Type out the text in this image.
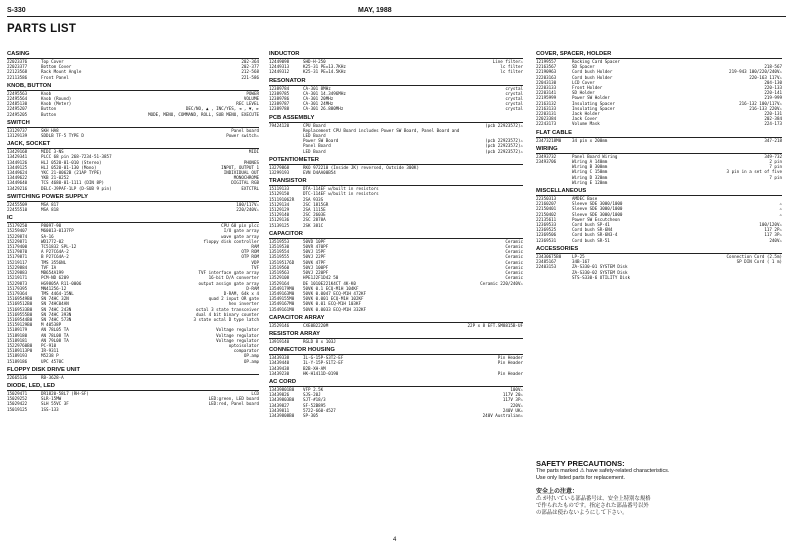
S-330	MAY, 1988
PARTS LIST
CASING
22023376	Top Cover	202-364
22023377	Bottom Cover	202-377
22123568	Rack Mount Angle	212-568
22113586	Front Panel	221-586
KNOB, BUTTON
22495563	Knob	POWER
22495564	Knob (Round)	VOLUME
22485130	Knob (Meter)	REC LEVEL
22495207	Button	DEC/NO, ▲ , INC/YES, ◄ , ▼, ►
22495205	Button	MODE, MENU, COMMAND, ROLL, SUB MENU, EXECUTE
SWITCH
13129737	SKH HA8	Panel board
13129139	SDDLB TF-5 TYPE D	Power switch⚠
JACK, SOCKET
13429168	MIDI 3-NS	MIDI
13429341	PLCC 68 pin 268-7234-51-3857
13449126	HLJ 0520-01-010 (Stereo)	PHONES
13449125	HLJ 0520-01-130 (Mono)	INPUT, OUTPUT 1
13449624	YKC 21-0062B (21AP TYPE)	INDIVIDUAL OUT
13449622	YKB 21-0252	MONOCHROME
13449640	TCS 4680-01-1111 (DIN 8P)	DIGITAL RGB
13429216	DELC-J9PAF-1LP (D-SUB 9 pin)	EXTCTRL
SWITCHING POWER SUPPLY
22455509	MSA 817	100/117V⚠
22455510	MSA 818	220/240V⚠
IC
15179250	P8097-90	CPU 68 pin plcc
15259407	M60013-0137FP	I/O gate array
15229874	SA-16	wave gate array
15229871	WD1772-02	floppy disk controller
15179400	TC51832 SPL-12	RAM
15179870	A P27C64A-2	OTP ROM
15179871	B P27C64A-2	OTP ROM
15219117	TMS 3556NL	VDP
15229884	TVF IA	TVF
15229883	MB654A199	TVF interface gate array
15219171	PCM-ND 6209	16-bit D/A converter
15229873	HG9805A R11-0006	output assign gate array
15179395	MN41256-12	D-RAM
15179364	TMS 4464-15NL	D-RAM, 64k x 4
15169549B0	SN 74HC 32N	quad 2 input OR gate
15169512B0	SN 74HC04AN	hex inverter
15169533B0	SN 74HC 243N	octal 3 state transceiver
15169555B0	SN 74HC 393N	dual 4 bit binary counter
15169544B0	SN 74HC 573N	3 state octal D type latch
15159129B0	M 40538P
15189179	AN 78L05 TA	Voltage regulator
15189180	AN 78L08 TA	Voltage regulator
15189181	AN 79L08 TA	Voltage regulator
15229760B0	PC-910	optoisolator
15189113P0	IR-9311	comparator
15189193	M5238 P	OP.amp
15189186	UPC 4570C	OP.amp
FLOPPY DISK DRIVE UNIT
22665136	RB-3628-A
DIODE, LED, LED
15029471	DR1820-58L7 (RH-SF)	LCD
15029252	SLR-15MW	LED:green, LED board
15029422	SLH 55VC 3F	LED:red, Panel board
15019125	1SS-133
INDUCTOR
12449098	SHD-H-250	Line filter⚠
12449313	K25-31 PE=13.7KHz	lc filter
12449312	K25-31 PE=14.5KHz	lc filter
RESONATOR
12389784	CA-301 8MHz	crystal
12389785	CA-301 14.3496MHz	crystal
12389786	CA-301 20MHz	crystal
12389787	CA-301 24MHz	crystal
12389788	CA-301 26.880MHz	crystal
PCB ASSEMBLY
79424120	CPU Board	(pcb 22923572)⚠
Replacement CPU Board includes Power SW Board, Panel Board and
LED Board
Power SW Board	(pcb 22923572)⚠
Panel Board	(pcb 22923572)⚠
LED Board	(pcb 22923572)⚠
POTENTIOMETER
13279868	RKO 972210 (Inside JK) reversed, Outside 300K)
13299193	EVN D4AA00B54
TRANSISTOR
15119133	DTA-114EF w/built in resistors
15129150	DTC-114EF w/built in resistors
151191062R	2SA 933S
15129134	2SC 1815GR
15129129	2SA 1115E
15129140	2SC 2603E
15129136	2SC 2878A
15139125	2SK 381C
CAPACITOR
13519553	50VD 10PF	Ceramic
13519530	50VR 470PF	Ceramic
13519554	50VJ 15PF	Ceramic
13519555	50VJ 22PF	Ceramic
135195176D	50VK 47PF	Ceramic
13519560	50VJ 100PF	Ceramic
13519563	50VJ 220PF	Ceramic
13529108	HPE1J2F1D42 50	Ceramic
13529164	DE 1010E221K4CT 4K-K0	Ceramic 220/240V⚠
13549179M0	50VK 0.1 ECQ-M1H 104KF
13549163M0	50VK 0.0047 ECQ-M1H 472KF
13549155M0	50VK 0.001 ECQ-M1H 102KF
13549167M0	50VK 0.01 ECQ-M1H 103KF
13549161M0	50VK 0.0033 ECQ-M1H 332KF
CAPACITOR ARRAY
13529146	CXE0B2220M	22P x 8 EFT.SM8815B-UF
RESISTOR ARRAY
13919140	RGLD 8 x 103J
CONNECTOR HOUSING
13439338	IL-G-15P-S3T2-EF	Pin Header
13439440	IL-Y-15P-S1T2-EF	Pin Header
13439438	B2B-XH-AM
13439230	HK-H1411D-0190	Pin Header
AC CORD
13439801B0	VFP 2.5K	100V⚠
13439826	SJS-20J	117V 20⚠
13439803B0	SJT-#18/3	117V 3P⚠
13439827	SF-52B895	220V⚠
13439811	5722-660-4527	240V UK⚠
13439808B0	SP-305	240V Australian⚠
COVER, SPACER, HOLDER
12199557	Rocking Card Spacer
22163567	SD Spacer	218-567
22190963	Cord bush Holder	219-943 100/220/240V⚠
22203163	Cord bush Holder	220-163 117V⚠
22043130	LCD Cover	204-130
22203133	Front Holder	220-133
22203141	SD Holder	220-141
22195999	Power SW Holder	219-999
22163132	Insulating Spacer	216-132 100/117V⚠
22163133	Insulating Spacer	216-133 220V⚠
22203131	Jack Holder	220-131
22023384	Jack Cover	202-384
22243173	Volume Mask	224-173
FLAT CABLE
23473218M0	34 pin x 200mm	347-218
WIRING
23493732	Panel Board Wiring	349-732
23493706	Wiring A 140mm	2 pin
Wiring B 300mm	7 pin
Wiring C 150mm	3 pin in a set of five
Wiring D 320mm	7 pin
Wiring E 120mm
MISCELLANEOUS
22350313	AMDEC Base
22160207	Sleeve SDE 3000/1000	⚠
22150401	Sleeve SDE 3000/1000	⚠
22150402	Sleeve SDE 3000/1000	⚠
22135611	Power SW Escutcheon
12369533	Cord bush SP-41	100/120V⚠
12369525	Cord bush SR-6N4	117 2P⚠
12369506	Cord bush SR-6N3-4	117 3P⚠
12369531	Cord bush SR-51	240V⚠
ACCESSORIES
23430675B0	LP-25	Connection Cord (2.5m)
23485167	34B-167	SP DIN Cord ( 1 m)
22403153	ZA-S330-01 SYSTEM Disk
ZA-S330-02 SYSTEM Disk
STS-S330-6 UTILITY Disk
SAFETY PRECAUTIONS:
The parts marked ⚠ have safety-related characteristics.
Use only listed parts for replacement.
安全上の注意：
⚠ が付いている部品番号は、安全上特別な規格
で作られたものです。指定された部品番号以外
の部品は使わないようにして下さい。
4
